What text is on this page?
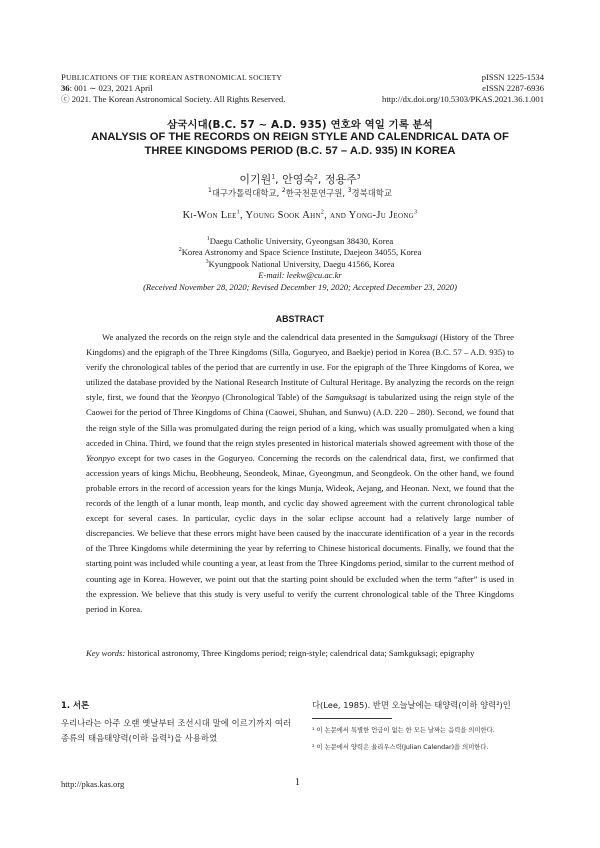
PUBLICATIONS OF THE KOREAN ASTRONOMICAL SOCIETY
36: 001 ∼ 023, 2021 April
ⓒ 2021. The Korean Astronomical Society. All Rights Reserved.
pISSN 1225-1534
eISSN 2287-6936
http://dx.doi.org/10.5303/PKAS.2021.36.1.001
삼국시대(B.C. 57 ∼ A.D. 935) 연호와 역일 기록 분석
ANALYSIS OF THE RECORDS ON REIGN STYLE AND CALENDRICAL DATA OF
THREE KINGDOMS PERIOD (B.C. 57 – A.D. 935) IN KOREA
이기원$^1$, 안영숙$^2$, 정용주$^3$
$^1$대구가톨릭대학교, $^2$한국천문연구원, $^3$경북대학교
Ki-Won Lee$^1$, Young Sook Ahn$^2$, and Yong-Ju Jeong$^3$
$^1$Daegu Catholic University, Gyeongsan 38430, Korea
$^2$Korea Astronomy and Space Science Institute, Daejeon 34055, Korea
$^3$Kyungpook National University, Daegu 41566, Korea
E-mail: leekw@cu.ac.kr
(Received November 28, 2020; Revised December 19, 2020; Accepted December 23, 2020)
ABSTRACT
We analyzed the records on the reign style and the calendrical data presented in the Samguksagi (History of the Three Kingdoms) and the epigraph of the Three Kingdoms (Silla, Goguryeo, and Baekje) period in Korea (B.C. 57 – A.D. 935) to verify the chronological tables of the period that are currently in use. For the epigraph of the Three Kingdoms of Korea, we utilized the database provided by the National Research Institute of Cultural Heritage. By analyzing the records on the reign style, first, we found that the Yeonpyo (Chronological Table) of the Samguksagi is tabularized using the reign style of the Caowei for the period of Three Kingdoms of China (Caowei, Shuhan, and Sunwu) (A.D. 220 – 280). Second, we found that the reign style of the Silla was promulgated during the reign period of a king, which was usually promulgated when a king acceded in China. Third, we found that the reign styles presented in historical materials showed agreement with those of the Yeonpyo except for two cases in the Goguryeo. Concerning the records on the calendrical data, first, we confirmed that accession years of kings Michu, Beobheung, Seondeok, Minae, Gyeongmun, and Seongdeok. On the other hand, we found probable errors in the record of accession years for the kings Munja, Wideok, Aejang, and Heonan. Next, we found that the records of the length of a lunar month, leap month, and cyclic day showed agreement with the current chronological table except for several cases. In particular, cyclic days in the solar eclipse account had a relatively large number of discrepancies. We believe that these errors might have been caused by the inaccurate identification of a year in the records of the Three Kingdoms while determining the year by referring to Chinese historical documents. Finally, we found that the starting point was included while counting a year, at least from the Three Kingdoms period, similar to the current method of counting age in Korea. However, we point out that the starting point should be excluded when the term “after” is used in the expression. We believe that this study is very useful to verify the current chronological table of the Three Kingdoms period in Korea.
Key words: historical astronomy, Three Kingdoms period; reign-style; calendrical data; Samkguksagi; epigraphy
1. 서론
우리나라는 아주 오랜 옛날부터 조선시대 말에 이르기까지 여러 종류의 태음태양력(이하 음력¹)을 사용하였
다(Lee, 1985). 반면 오늘날에는 태양력(이하 양력²)인
¹ 이 논문에서 특별한 언급이 없는 한 모든 날짜는 음력을 의미한다.
² 이 논문에서 양력은 율리우스력(Julian Calendar)을 의미한다.
http://pkas.kas.org	1
